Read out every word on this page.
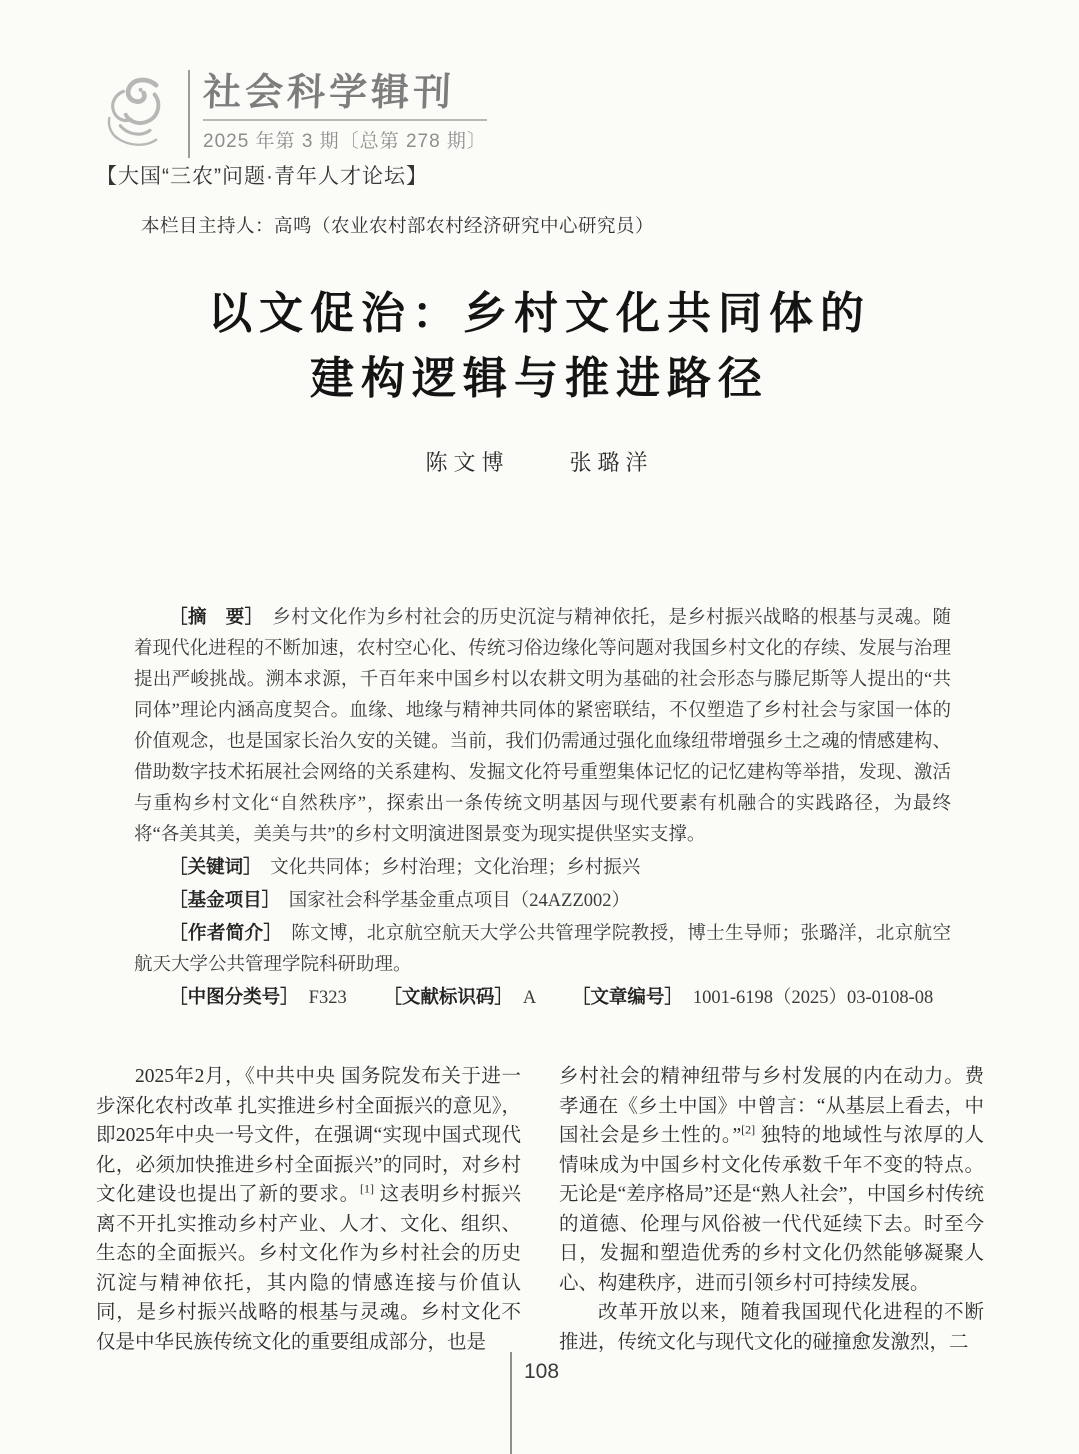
社会科学辑刊
2025 年第 3 期〔总第 278 期〕
【大国“三农”问题·青年人才论坛】
本栏目主持人：高鸣（农业农村部农村经济研究中心研究员）
以文促治：乡村文化共同体的
建构逻辑与推进路径
陈文博	张璐洋

［摘　要］ 乡村文化作为乡村社会的历史沉淀与精神依托，是乡村振兴战略的根基与灵魂。随着现代化进程的不断加速，农村空心化、传统习俗边缘化等问题对我国乡村文化的存续、发展与治理提出严峻挑战。溯本求源，千百年来中国乡村以农耕文明为基础的社会形态与滕尼斯等人提出的“共同体”理论内涵高度契合。血缘、地缘与精神共同体的紧密联结，不仅塑造了乡村社会与家国一体的价值观念，也是国家长治久安的关键。当前，我们仍需通过强化血缘纽带增强乡土之魂的情感建构、借助数字技术拓展社会网络的关系建构、发掘文化符号重塑集体记忆的记忆建构等举措，发现、激活与重构乡村文化“自然秩序”，探索出一条传统文明基因与现代要素有机融合的实践路径，为最终将“各美其美，美美与共”的乡村文明演进图景变为现实提供坚实支撑。

［关键词］ 文化共同体；乡村治理；文化治理；乡村振兴

［基金项目］ 国家社会科学基金重点项目（24AZZ002）

［作者简介］ 陈文博，北京航空航天大学公共管理学院教授，博士生导师；张璐洋，北京航空航天大学公共管理学院科研助理。

［中图分类号］ F323 ［文献标识码］ A ［文章编号］ 1001-6198（2025）03-0108-08

2025年2月，《中共中央 国务院发布关于进一步深化农村改革 扎实推进乡村全面振兴的意见》，即2025年中央一号文件，在强调“实现中国式现代化，必须加快推进乡村全面振兴”的同时，对乡村文化建设也提出了新的要求。[1] 这表明乡村振兴离不开扎实推动乡村产业、人才、文化、组织、生态的全面振兴。乡村文化作为乡村社会的历史沉淀与精神依托，其内隐的情感连接与价值认同，是乡村振兴战略的根基与灵魂。乡村文化不仅是中华民族传统文化的重要组成部分，也是

乡村社会的精神纽带与乡村发展的内在动力。费孝通在《乡土中国》中曾言：“从基层上看去，中国社会是乡土性的。”[2] 独特的地域性与浓厚的人情味成为中国乡村文化传承数千年不变的特点。无论是“差序格局”还是“熟人社会”，中国乡村传统的道德、伦理与风俗被一代代延续下去。时至今日，发掘和塑造优秀的乡村文化仍然能够凝聚人心、构建秩序，进而引领乡村可持续发展。

改革开放以来，随着我国现代化进程的不断推进，传统文化与现代文化的碰撞愈发激烈，二

108
